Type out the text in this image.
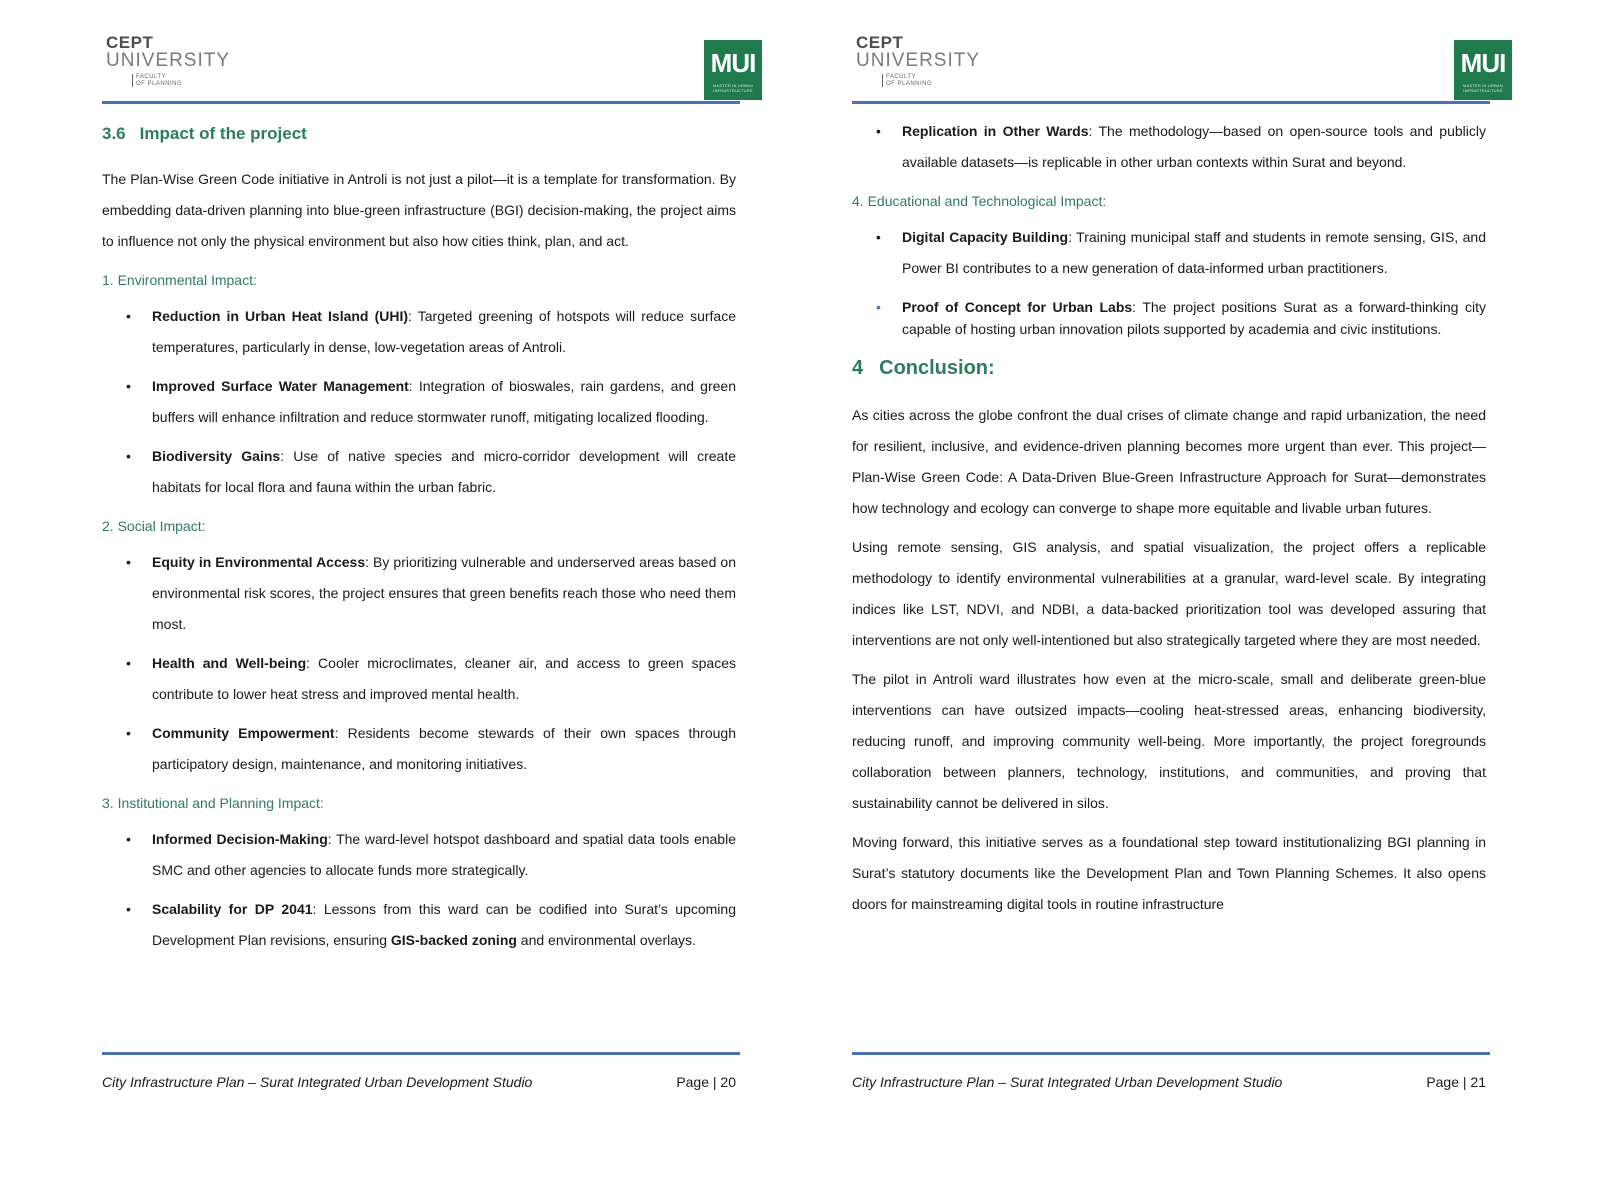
CEPT
UNIVERSITY
FACULTY
OF PLANNING
MUI
MASTER IN URBAN INFRASTRUCTURE
3.6 Impact of the project

The Plan-Wise Green Code initiative in Antroli is not just a pilot—it is a template for transformation. By embedding data-driven planning into blue-green infrastructure (BGI) decision-making, the project aims to influence not only the physical environment but also how cities think, plan, and act.

1. Environmental Impact:
• Reduction in Urban Heat Island (UHI): Targeted greening of hotspots will reduce surface temperatures, particularly in dense, low-vegetation areas of Antroli.
• Improved Surface Water Management: Integration of bioswales, rain gardens, and green buffers will enhance infiltration and reduce stormwater runoff, mitigating localized flooding.
• Biodiversity Gains: Use of native species and micro-corridor development will create habitats for local flora and fauna within the urban fabric.
2. Social Impact:
• Equity in Environmental Access: By prioritizing vulnerable and underserved areas based on environmental risk scores, the project ensures that green benefits reach those who need them most.
• Health and Well-being: Cooler microclimates, cleaner air, and access to green spaces contribute to lower heat stress and improved mental health.
• Community Empowerment: Residents become stewards of their own spaces through participatory design, maintenance, and monitoring initiatives.
3. Institutional and Planning Impact:
• Informed Decision-Making: The ward-level hotspot dashboard and spatial data tools enable SMC and other agencies to allocate funds more strategically.
• Scalability for DP 2041: Lessons from this ward can be codified into Surat’s upcoming Development Plan revisions, ensuring GIS-backed zoning and environmental overlays.
City Infrastructure Plan – Surat Integrated Urban Development Studio	Page | 20
CEPT
UNIVERSITY
FACULTY
OF PLANNING
MUI
MASTER IN URBAN INFRASTRUCTURE
• Replication in Other Wards: The methodology—based on open-source tools and publicly available datasets—is replicable in other urban contexts within Surat and beyond.
4. Educational and Technological Impact:
• Digital Capacity Building: Training municipal staff and students in remote sensing, GIS, and Power BI contributes to a new generation of data-informed urban practitioners.
• Proof of Concept for Urban Labs: The project positions Surat as a forward-thinking city capable of hosting urban innovation pilots supported by academia and civic institutions.
4 Conclusion:

As cities across the globe confront the dual crises of climate change and rapid urbanization, the need for resilient, inclusive, and evidence-driven planning becomes more urgent than ever. This project—Plan-Wise Green Code: A Data-Driven Blue-Green Infrastructure Approach for Surat—demonstrates how technology and ecology can converge to shape more equitable and livable urban futures.

Using remote sensing, GIS analysis, and spatial visualization, the project offers a replicable methodology to identify environmental vulnerabilities at a granular, ward-level scale. By integrating indices like LST, NDVI, and NDBI, a data-backed prioritization tool was developed assuring that interventions are not only well-intentioned but also strategically targeted where they are most needed.

The pilot in Antroli ward illustrates how even at the micro-scale, small and deliberate green-blue interventions can have outsized impacts—cooling heat-stressed areas, enhancing biodiversity, reducing runoff, and improving community well-being. More importantly, the project foregrounds collaboration between planners, technology, institutions, and communities, and proving that sustainability cannot be delivered in silos.

Moving forward, this initiative serves as a foundational step toward institutionalizing BGI planning in Surat’s statutory documents like the Development Plan and Town Planning Schemes. It also opens doors for mainstreaming digital tools in routine infrastructure

City Infrastructure Plan – Surat Integrated Urban Development Studio	Page | 21
